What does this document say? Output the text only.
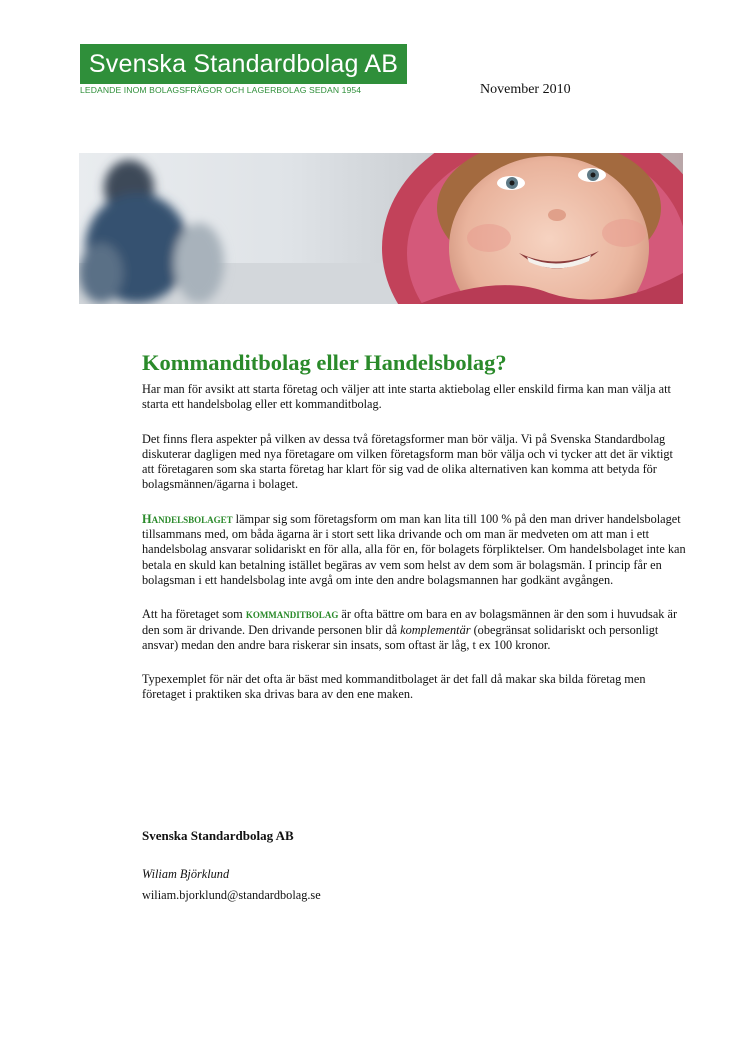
Svenska Standardbolag AB
LEDANDE INOM BOLAGSFRÅGOR OCH LAGERBOLAG SEDAN 1954	November 2010
Kommanditbolag eller Handelsbolag?

Har man för avsikt att starta företag och väljer att inte starta aktiebolag eller enskild firma kan man välja att starta ett handelsbolag eller ett kommanditbolag.

Det finns flera aspekter på vilken av dessa två företagsformer man bör välja. Vi på Svenska Standardbolag diskuterar dagligen med nya företagare om vilken företagsform man bör välja och vi tycker att det är viktigt att företagaren som ska starta företag har klart för sig vad de olika alternativen kan komma att betyda för bolagsmännen/ägarna i bolaget.

Handelsbolaget lämpar sig som företagsform om man kan lita till 100 % på den man driver handelsbolaget tillsammans med, om båda ägarna är i stort sett lika drivande och om man är medveten om att man i ett handelsbolag ansvarar solidariskt en för alla, alla för en, för bolagets förpliktelser. Om handelsbolaget inte kan betala en skuld kan betalning istället begäras av vem som helst av dem som är bolagsmän. I princip får en bolagsman i ett handelsbolag inte avgå om inte den andre bolagsmannen har godkänt avgången.

Att ha företaget som kommanditbolag är ofta bättre om bara en av bolagsmännen är den som i huvudsak är den som är drivande. Den drivande personen blir då komplementär (obegränsat solidariskt och personligt ansvar) medan den andre bara riskerar sin insats, som oftast är låg, t ex 100 kronor.

Typexemplet för när det ofta är bäst med kommanditbolaget är det fall då makar ska bilda företag men företaget i praktiken ska drivas bara av den ene maken.

Svenska Standardbolag AB
Wiliam Björklund
wiliam.bjorklund@standardbolag.se
